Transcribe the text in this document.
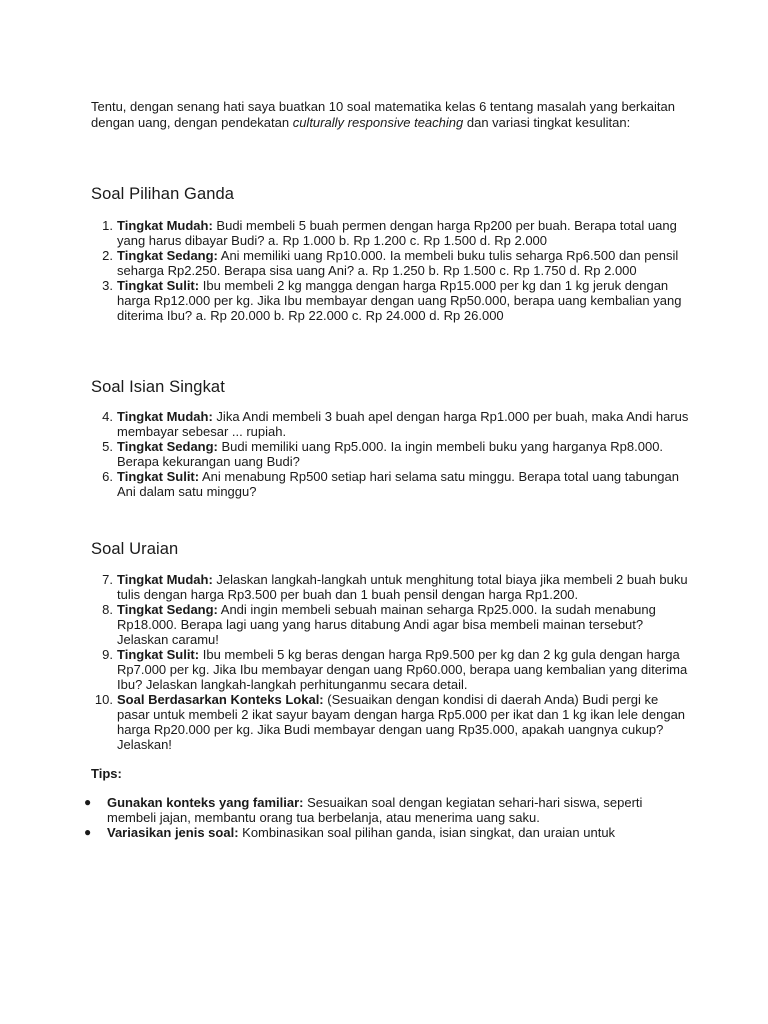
Tentu, dengan senang hati saya buatkan 10 soal matematika kelas 6 tentang masalah yang berkaitan dengan uang, dengan pendekatan culturally responsive teaching dan variasi tingkat kesulitan:

Soal Pilihan Ganda
1. Tingkat Mudah: Budi membeli 5 buah permen dengan harga Rp200 per buah. Berapa total uang yang harus dibayar Budi? a. Rp 1.000 b. Rp 1.200 c. Rp 1.500 d. Rp 2.000
2. Tingkat Sedang: Ani memiliki uang Rp10.000. Ia membeli buku tulis seharga Rp6.500 dan pensil seharga Rp2.250. Berapa sisa uang Ani? a. Rp 1.250 b. Rp 1.500 c. Rp 1.750 d. Rp 2.000
3. Tingkat Sulit: Ibu membeli 2 kg mangga dengan harga Rp15.000 per kg dan 1 kg jeruk dengan harga Rp12.000 per kg. Jika Ibu membayar dengan uang Rp50.000, berapa uang kembalian yang diterima Ibu? a. Rp 20.000 b. Rp 22.000 c. Rp 24.000 d. Rp 26.000
Soal Isian Singkat
4. Tingkat Mudah: Jika Andi membeli 3 buah apel dengan harga Rp1.000 per buah, maka Andi harus membayar sebesar ... rupiah.
5. Tingkat Sedang: Budi memiliki uang Rp5.000. Ia ingin membeli buku yang harganya Rp8.000. Berapa kekurangan uang Budi?
6. Tingkat Sulit: Ani menabung Rp500 setiap hari selama satu minggu. Berapa total uang tabungan Ani dalam satu minggu?
Soal Uraian
7. Tingkat Mudah: Jelaskan langkah-langkah untuk menghitung total biaya jika membeli 2 buah buku tulis dengan harga Rp3.500 per buah dan 1 buah pensil dengan harga Rp1.200.
8. Tingkat Sedang: Andi ingin membeli sebuah mainan seharga Rp25.000. Ia sudah menabung Rp18.000. Berapa lagi uang yang harus ditabung Andi agar bisa membeli mainan tersebut? Jelaskan caramu!
9. Tingkat Sulit: Ibu membeli 5 kg beras dengan harga Rp9.500 per kg dan 2 kg gula dengan harga Rp7.000 per kg. Jika Ibu membayar dengan uang Rp60.000, berapa uang kembalian yang diterima Ibu? Jelaskan langkah-langkah perhitunganmu secara detail.
10. Soal Berdasarkan Konteks Lokal: (Sesuaikan dengan kondisi di daerah Anda) Budi pergi ke pasar untuk membeli 2 ikat sayur bayam dengan harga Rp5.000 per ikat dan 1 kg ikan lele dengan harga Rp20.000 per kg. Jika Budi membayar dengan uang Rp35.000, apakah uangnya cukup? Jelaskan!
Tips:
● Gunakan konteks yang familiar: Sesuaikan soal dengan kegiatan sehari-hari siswa, seperti membeli jajan, membantu orang tua berbelanja, atau menerima uang saku.
● Variasikan jenis soal: Kombinasikan soal pilihan ganda, isian singkat, dan uraian untuk
